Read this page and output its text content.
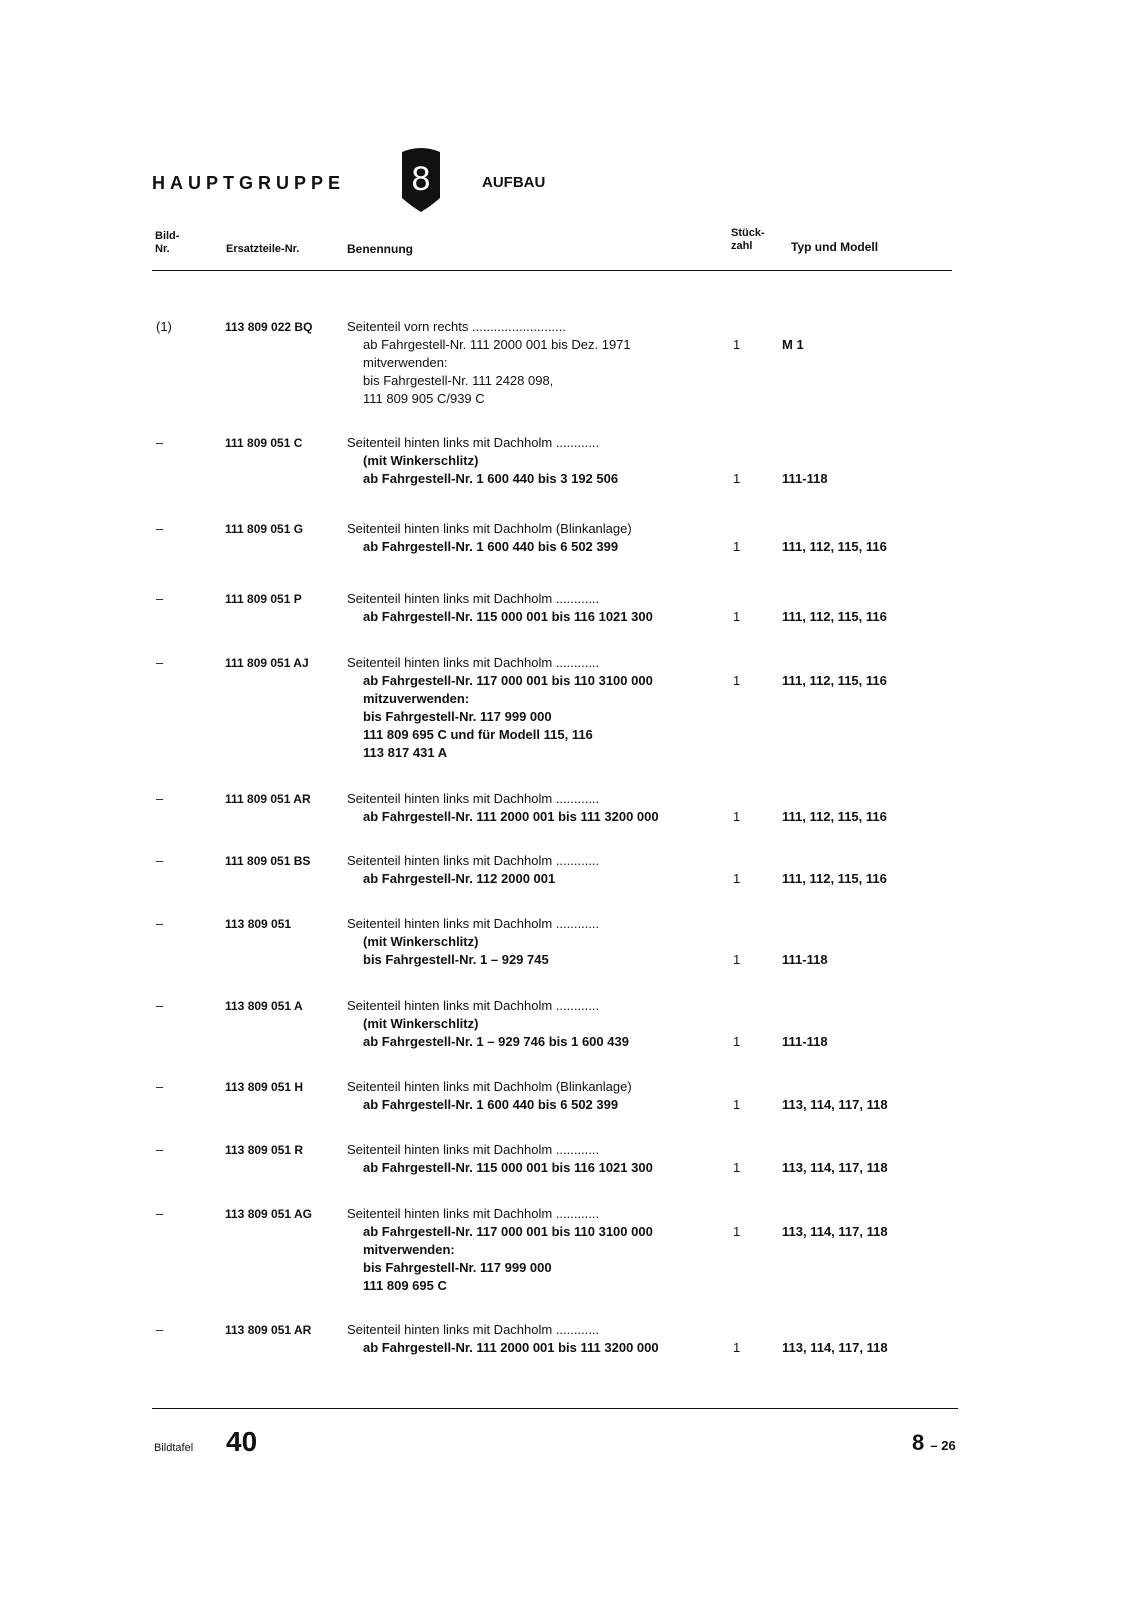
HAUPTGRUPPE 8	AUFBAU
Bild-
Nr.	Ersatzteile-Nr.	Benennung
Stück-
zahl	Typ und Modell
(1)	113 809 022 BQ	Seitenteil vorn rechts ..........................
ab Fahrgestell-Nr. 111 2000 001 bis Dez. 1971
mitverwenden:
bis Fahrgestell-Nr. 111 2428 098,
111 809 905 C/939 C
1	M 1
–	111 809 051 C	Seitenteil hinten links mit Dachholm ............
(mit Winkerschlitz)
ab Fahrgestell-Nr. 1 600 440 bis 3 192 506	1	111-118
–	111 809 051 G	Seitenteil hinten links mit Dachholm (Blinkanlage)
ab Fahrgestell-Nr. 1 600 440 bis 6 502 399	1	111, 112, 115, 116
–	111 809 051 P	Seitenteil hinten links mit Dachholm ............
ab Fahrgestell-Nr. 115 000 001 bis 116 1021 300	1	111, 112, 115, 116
–	111 809 051 AJ	Seitenteil hinten links mit Dachholm ............
ab Fahrgestell-Nr. 117 000 001 bis 110 3100 000
mitzuverwenden:
bis Fahrgestell-Nr. 117 999 000
111 809 695 C und für Modell 115, 116
113 817 431 A
1	111, 112, 115, 116
–	111 809 051 AR	Seitenteil hinten links mit Dachholm ............
ab Fahrgestell-Nr. 111 2000 001 bis 111 3200 000	1	111, 112, 115, 116
–	111 809 051 BS	Seitenteil hinten links mit Dachholm ............
ab Fahrgestell-Nr. 112 2000 001	1	111, 112, 115, 116
–	113 809 051	Seitenteil hinten links mit Dachholm ............
(mit Winkerschlitz)
bis Fahrgestell-Nr. 1 – 929 745	1	111-118
–	113 809 051 A	Seitenteil hinten links mit Dachholm ............
(mit Winkerschlitz)
ab Fahrgestell-Nr. 1 – 929 746 bis 1 600 439	1	111-118
–	113 809 051 H	Seitenteil hinten links mit Dachholm (Blinkanlage)
ab Fahrgestell-Nr. 1 600 440 bis 6 502 399	1	113, 114, 117, 118
–	113 809 051 R	Seitenteil hinten links mit Dachholm ............
ab Fahrgestell-Nr. 115 000 001 bis 116 1021 300	1	113, 114, 117, 118
–	113 809 051 AG	Seitenteil hinten links mit Dachholm ............
ab Fahrgestell-Nr. 117 000 001 bis 110 3100 000
mitverwenden:
bis Fahrgestell-Nr. 117 999 000
111 809 695 C
1	113, 114, 117, 118
–	113 809 051 AR	Seitenteil hinten links mit Dachholm ............
ab Fahrgestell-Nr. 111 2000 001 bis 111 3200 000	1	113, 114, 117, 118
Bildtafel 40	8 – 26
